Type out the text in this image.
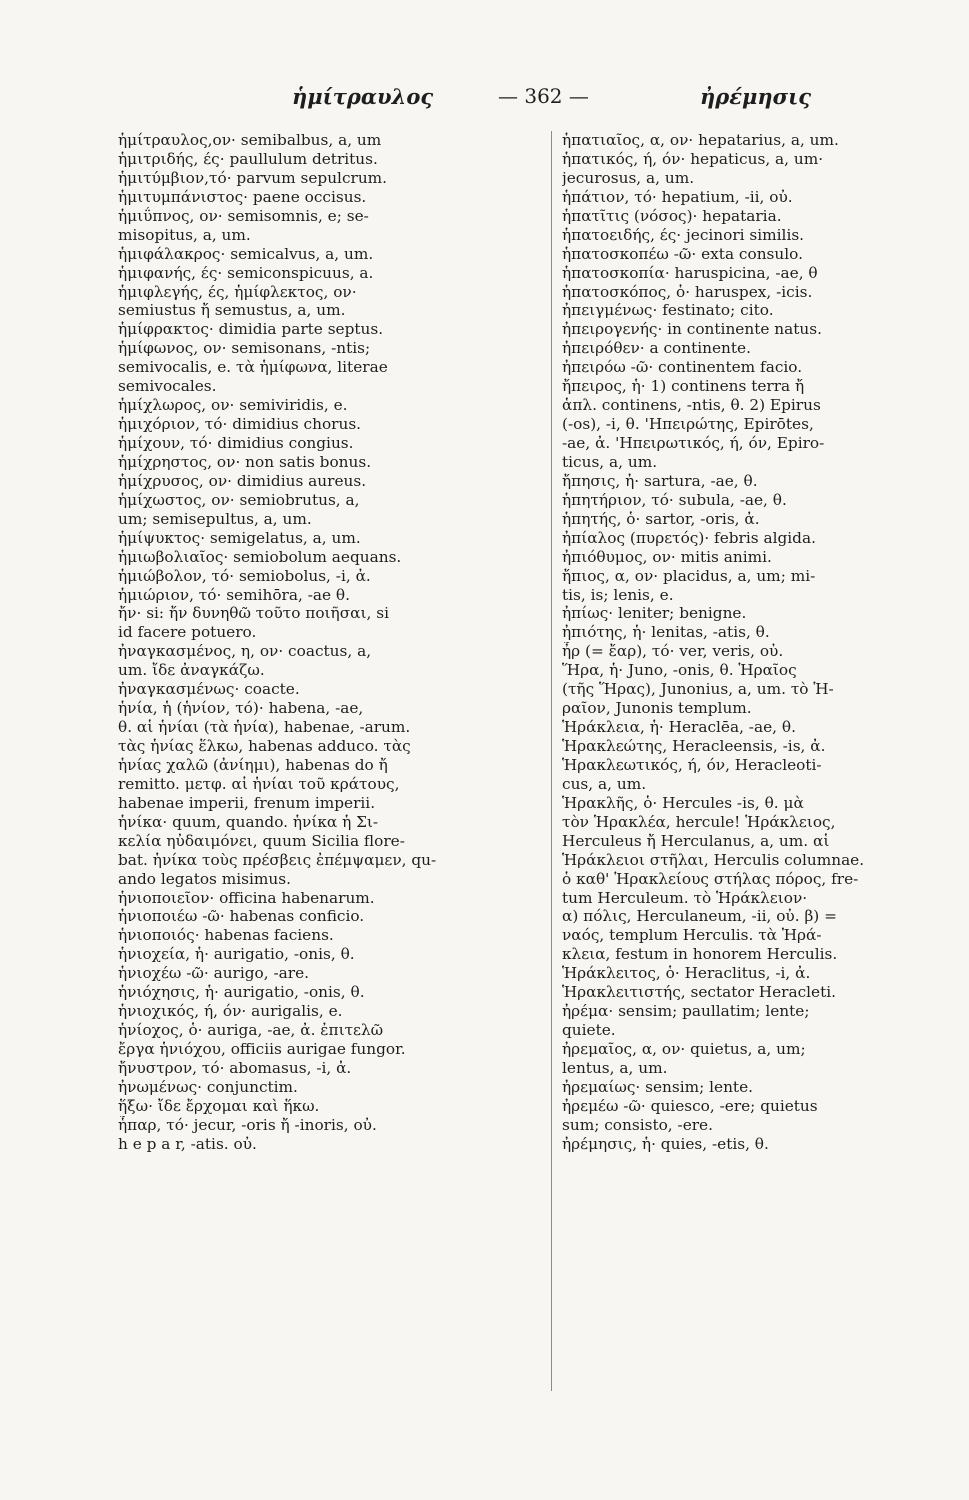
ἡμίτραυλος	— 362 —	ἠρέμησις
ἡμίτραυλος,ον· semibalbus, a, um
ἡμιτριδής, ές· paullulum detritus.
ἡμιτύμβιον,τό· parvum sepulcrum.
ἡμιτυμπάνιστος· paene occisus.
ἡμιΰπνος, ον· semisomnis, e; se-
misopitus, a, um.
ἡμιφάλακρος· semicalvus, a, um.
ἡμιφανής, ές· semiconspicuus, a.
ἡμιφλεγής, ές, ἡμίφλεκτος, ον·
semiustus ἤ semustus, a, um.
ἡμίφρακτος· dimidia parte septus.
ἡμίφωνος, ον· semisonans, -ntis;
semivocalis, e. τὰ ἡμίφωνα, literae
semivocales.
ἡμίχλωρος, ον· semiviridis, e.
ἡμιχόριον, τό· dimidius chorus.
ἡμίχουν, τό· dimidius congius.
ἡμίχρηστος, ον· non satis bonus.
ἡμίχρυσος, ον· dimidius aureus.
ἡμίχωστος, ον· semiobrutus, a,
um; semisepultus, a, um.
ἡμίψυκτος· semigelatus, a, um.
ἡμιωβολιαῖος· semiobolum aequans.
ἡμιώβολον, τό· semiobolus, -i, ἀ.
ἡμιώριον, τό· semihōra, -ae θ.
ἤν· si: ἤν δυνηθῶ τοῦτο ποιῆσαι, si
id facere potuero.
ἠναγκασμένος, η, ον· coactus, a,
um. ἴδε ἀναγκάζω.
ἠναγκασμένως· coacte.
ἡνία, ἡ (ἡνίον, τό)· habena, -ae,
θ. αἱ ἡνίαι (τὰ ἡνία), habenae, -arum.
τὰς ἡνίας ἕλκω, habenas adduco. τὰς
ἡνίας χαλῶ (ἀνίημι), habenas do ἤ
remitto. μετφ. αἱ ἡνίαι τοῦ κράτους,
habenae imperii, frenum imperii.
ἡνίκα· quum, quando. ἡνίκα ἡ Σι-
κελία ηὐδαιμόνει, quum Sicilia flore-
bat. ἡνίκα τοὺς πρέσβεις ἐπέμψαμεν, qu-
ando legatos misimus.
ἡνιοποιεῖον· officina habenarum.
ἡνιοποιέω -ῶ· habenas conficio.
ἡνιοποιός· habenas faciens.
ἡνιοχεία, ἡ· aurigatio, -onis, θ.
ἡνιοχέω -ῶ· aurigo, -are.
ἡνιόχησις, ἡ· aurigatio, -onis, θ.
ἡνιοχικός, ή, όν· aurigalis, e.
ἡνίοχος, ὁ· auriga, -ae, ἀ. ἐπιτελῶ
ἔργα ἡνιόχου, officiis aurigae fungor.
ἤνυστρον, τό· abomasus, -i, ἀ.
ἠνωμένως· conjunctim.
ἥξω· ἴδε ἔρχομαι καὶ ἥκω.
ἧπαρ, τό· jecur, -oris ἤ -inoris, οὐ.
h e p a r, -atis. οὐ.
ἡπατιαῖος, α, ον· hepatarius, a, um.
ἡπατικός, ή, όν· hepaticus, a, um·
jecurosus, a, um.
ἡπάτιον, τό· hepatium, -ii, οὐ.
ἡπατῖτις (νόσος)· hepataria.
ἡπατοειδής, ές· jecinori similis.
ἡπατοσκοπέω -ῶ· exta consulo.
ἡπατοσκοπία· haruspicina, -ae, θ
ἡπατοσκόπος, ὁ· haruspex, -icis.
ἠπειγμένως· festinato; cito.
ἠπειρογενής· in continente natus.
ἠπειρόθεν· a continente.
ἠπειρόω -ῶ· continentem facio.
ἤπειρος, ἡ· 1) continens terra ἤ
ἁπλ. continens, -ntis, θ. 2) Epirus
(-os), -i, θ. 'Ηπειρώτης, Epirōtes,
-ae, ἀ. 'Ηπειρωτικός, ή, όν, Epiro-
ticus, a, um.
ἤπησις, ἡ· sartura, -ae, θ.
ἡπητήριον, τό· subula, -ae, θ.
ἡπητής, ὁ· sartor, -oris, ἀ.
ἠπίαλος (πυρετός)· febris algida.
ἠπιόθυμος, ον· mitis animi.
ἤπιος, α, ον· placidus, a, um; mi-
tis, is; lenis, e.
ἠπίως· leniter; benigne.
ἠπιότης, ἡ· lenitas, -atis, θ.
ἦρ (= ἔαρ), τό· ver, veris, οὐ.
Ἥρα, ἡ· Juno, -onis, θ. Ἡραῖος
(τῆς Ἥρας), Junonius, a, um. τὸ Ἡ-
ραῖον, Junonis templum.
Ἡράκλεια, ἡ· Heraclēa, -ae, θ.
Ἡρακλεώτης, Heracleensis, -is, ἀ.
Ἡρακλεωτικός, ή, όν, Heracleoti-
cus, a, um.
Ἡρακλῆς, ὁ· Hercules -is, θ. μὰ
τὸν Ἡρακλέα, hercule! Ἡράκλειος,
Herculeus ἤ Herculanus, a, um. αἱ
Ἡράκλειοι στῆλαι, Herculis columnae.
ὁ καθ' Ἡρακλείους στήλας πόρος, fre-
tum Herculeum. τὸ Ἡράκλειον·
α) πόλις, Herculaneum, -ii, οὐ. β) =
ναός, templum Herculis. τὰ Ἡρά-
κλεια, festum in honorem Herculis.
Ἡράκλειτος, ὁ· Heraclitus, -i, ἀ.
Ἡρακλειτιστής, sectator Heracleti.
ἠρέμα· sensim; paullatim; lente;
quiete.
ἠρεμαῖος, α, ον· quietus, a, um;
lentus, a, um.
ἠρεμαίως· sensim; lente.
ἠρεμέω -ῶ· quiesco, -ere; quietus
sum; consisto, -ere.
ἠρέμησις, ἡ· quies, -etis, θ.
